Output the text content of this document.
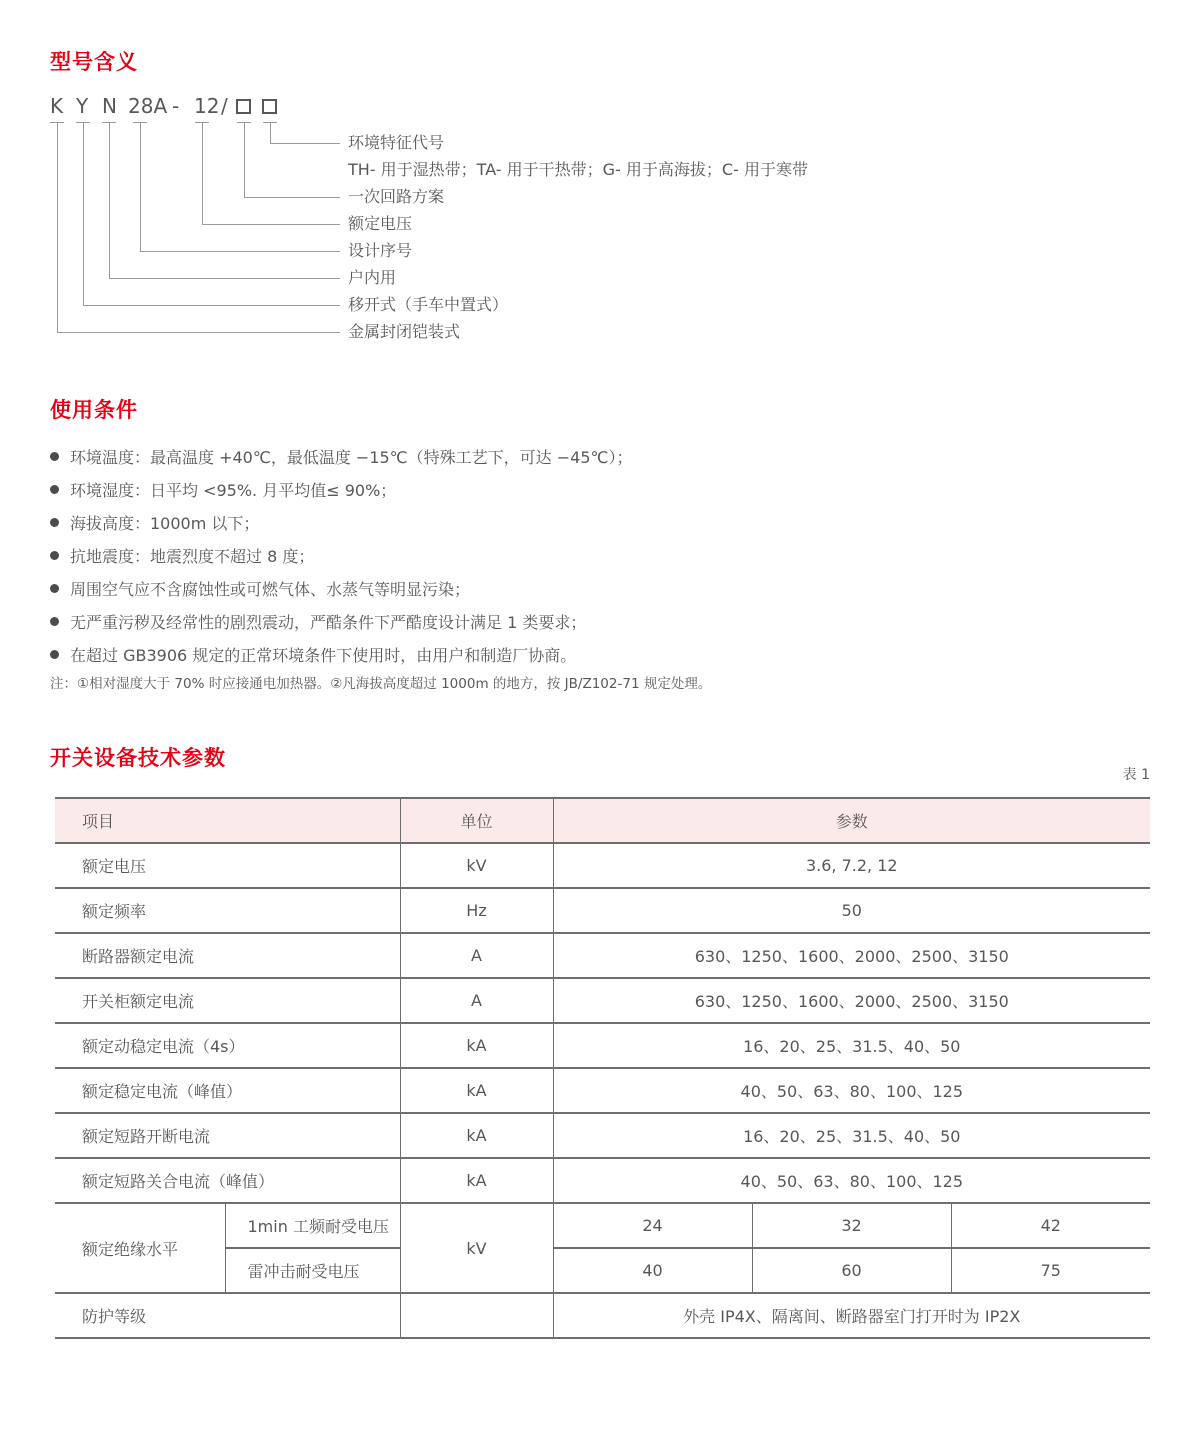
型号含义
K Y N 28A - 12 /
环境特征代号
TH- 用于湿热带；TA- 用于干热带；G- 用于高海拔；C- 用于寒带
一次回路方案
额定电压
设计序号
户内用
移开式（手车中置式）
金属封闭铠装式
使用条件
环境温度：最高温度 +40℃，最低温度 −15℃（特殊工艺下，可达 −45℃）；
环境湿度：日平均 <95%. 月平均值≤ 90%；
海拔高度：1000m 以下；
抗地震度：地震烈度不超过 8 度；
周围空气应不含腐蚀性或可燃气体、水蒸气等明显污染；
无严重污秽及经常性的剧烈震动，严酷条件下严酷度设计满足 1 类要求；
在超过 GB3906 规定的正常环境条件下使用时，由用户和制造厂协商。
注：①相对湿度大于 70% 时应接通电加热器。②凡海拔高度超过 1000m 的地方，按 JB/Z102-71 规定处理。
开关设备技术参数
表 1
项目		单位	参数		
额定电压		kV	3.6, 7.2, 12		
额定频率		Hz	50		
断路器额定电流		A	630、1250、1600、2000、2500、3150		
开关柜额定电流		A	630、1250、1600、2000、2500、3150		
额定动稳定电流（4s）		kA	16、20、25、31.5、40、50		
额定稳定电流（峰值）		kA	40、50、63、80、100、125		
额定短路开断电流		kA	16、20、25、31.5、40、50		
额定短路关合电流（峰值）		kA	40、50、63、80、100、125		
额定绝缘水平	1min 工频耐受电压	kV	24	32	42
	雷冲击耐受电压		40	60	75
防护等级			外壳 IP4X、隔离间、断路器室门打开时为 IP2X		
